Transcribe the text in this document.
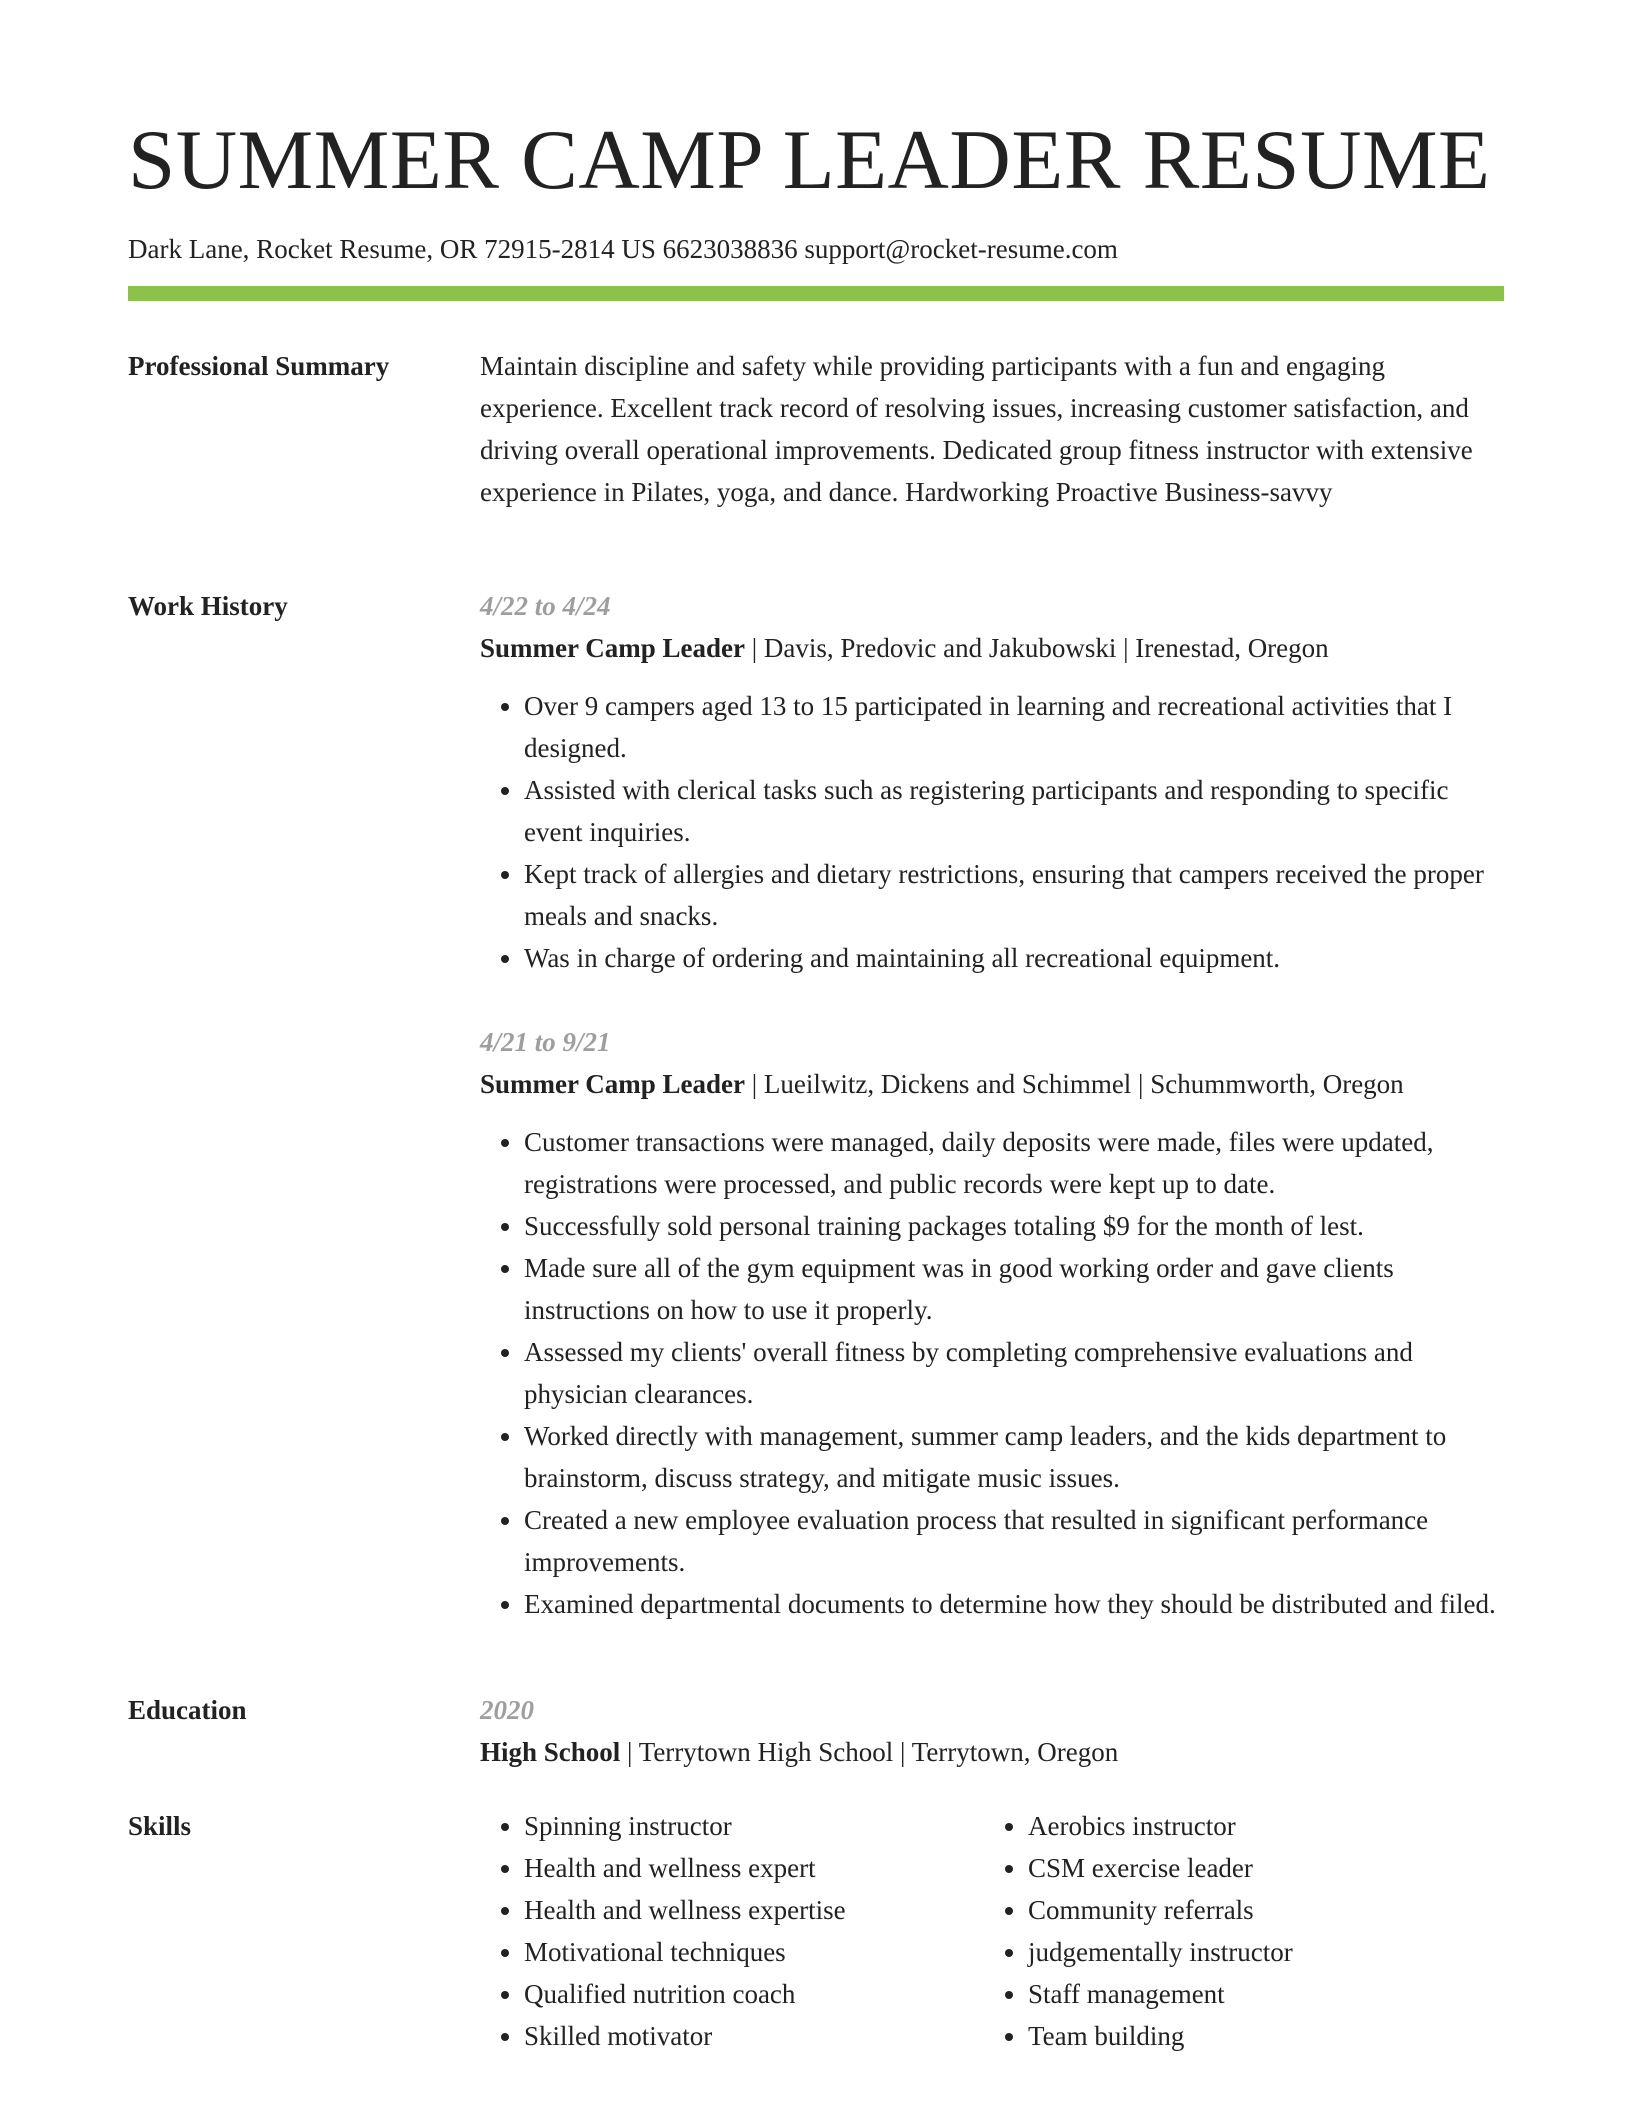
SUMMER CAMP LEADER RESUME
Dark Lane, Rocket Resume, OR 72915-2814 US 6623038836 support@rocket-resume.com
Professional Summary	Maintain discipline and safety while providing participants with a fun and engaging experience. Excellent track record of resolving issues, increasing customer satisfaction, and driving overall operational improvements. Dedicated group fitness instructor with extensive experience in Pilates, yoga, and dance. Hardworking Proactive Business-savvy

Work History	4/22 to 4/24
Summer Camp Leader | Davis, Predovic and Jakubowski | Irenestad, Oregon
• Over 9 campers aged 13 to 15 participated in learning and recreational activities that I designed.
• Assisted with clerical tasks such as registering participants and responding to specific event inquiries.
• Kept track of allergies and dietary restrictions, ensuring that campers received the proper meals and snacks.
• Was in charge of ordering and maintaining all recreational equipment.
4/21 to 9/21
Summer Camp Leader | Lueilwitz, Dickens and Schimmel | Schummworth, Oregon
• Customer transactions were managed, daily deposits were made, files were updated, registrations were processed, and public records were kept up to date.
• Successfully sold personal training packages totaling $9 for the month of lest.
• Made sure all of the gym equipment was in good working order and gave clients instructions on how to use it properly.
• Assessed my clients' overall fitness by completing comprehensive evaluations and physician clearances.
• Worked directly with management, summer camp leaders, and the kids department to brainstorm, discuss strategy, and mitigate music issues.
• Created a new employee evaluation process that resulted in significant performance improvements.
• Examined departmental documents to determine how they should be distributed and filed.
Education	2020
High School | Terrytown High School | Terrytown, Oregon
Skills
•	Spinning instructor
• Health and wellness expert
• Health and wellness expertise
• Motivational techniques
• Qualified nutrition coach
• Skilled motivator
• Aerobics instructor
• CSM exercise leader
• Community referrals
• judgementally instructor
• Staff management
• Team building
